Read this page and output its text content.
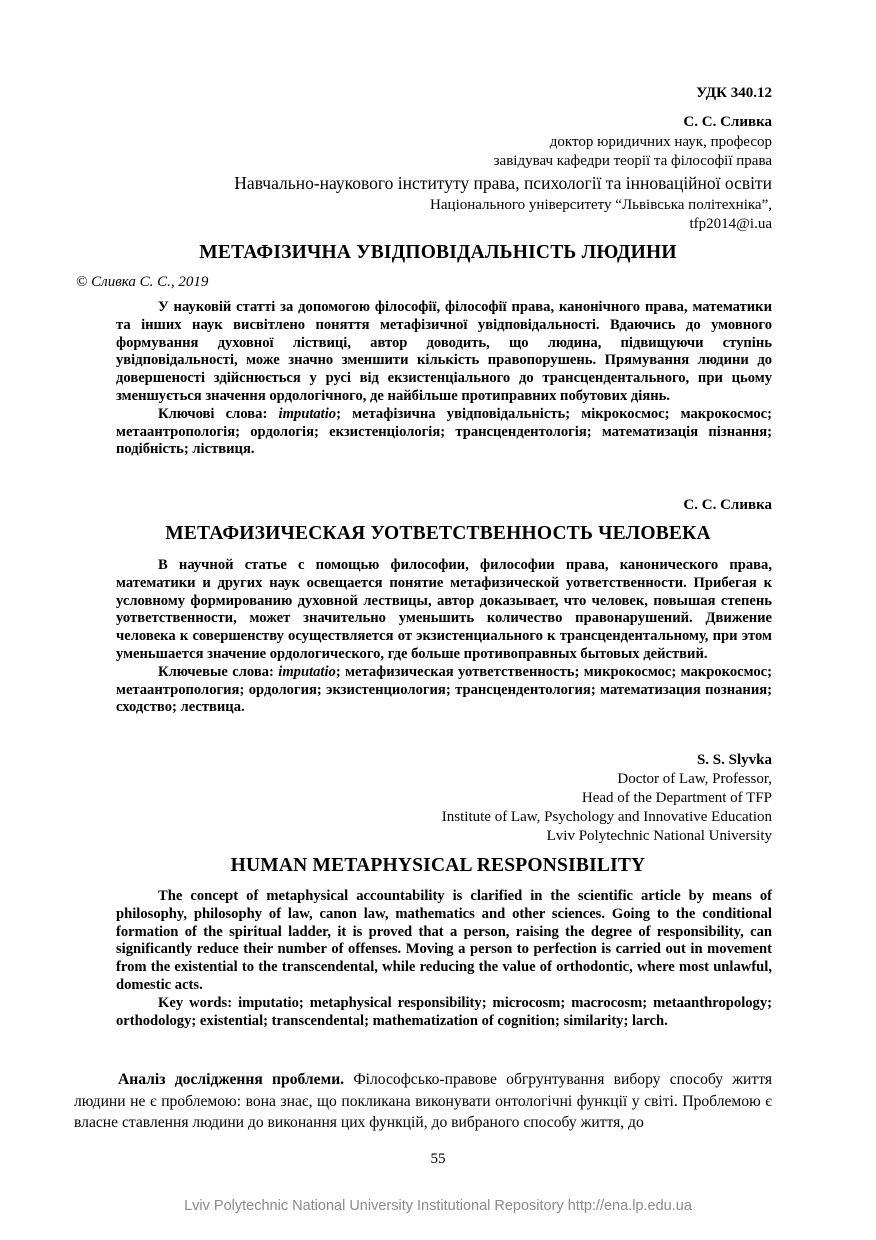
УДК 340.12
С. С. Сливка
доктор юридичних наук, професор
завідувач кафедри теорії та філософії права
Навчально-наукового інституту права, психології та інноваційної освіти
Національного університету “Львівська політехніка”,
tfp2014@i.ua
МЕТАФІЗИЧНА УВІДПОВІДАЛЬНІСТЬ ЛЮДИНИ
© Сливка С. С., 2019

У науковій статті за допомогою філософії, філософії права, канонічного права, математики та інших наук висвітлено поняття метафізичної увідповідальності. Вдаючись до умовного формування духовної ліствиці, автор доводить, що людина, підвищуючи ступінь увідповідальності, може значно зменшити кількість правопорушень. Прямування людини до довершеності здійснюється у русі від екзистенціального до трансцендентального, при цьому зменшується значення ордологічного, де найбільше протиправних побутових діянь.

Ключові слова: imputatio; метафізична увідповідальність; мікрокосмос; макрокосмос; метаантропологія; ордологія; екзистенціологія; трансцендентологія; математизація пізнання; подібність; ліствиця.

С. С. Сливка
МЕТАФИЗИЧЕСКАЯ УОТВЕТСТВЕННОСТЬ ЧЕЛОВЕКА

В научной статье с помощью философии, философии права, канонического права, математики и других наук освещается понятие метафизической уответственности. Прибегая к условному формированию духовной лествицы, автор доказывает, что человек, повышая степень уответственности, может значительно уменьшить количество правонарушений. Движение человека к совершенству осуществляется от экзистенциального к трансцендентальному, при этом уменьшается значение ордологического, где больше противоправных бытовых действий.

Ключевые слова: imputatio; метафизическая уответственность; микрокосмос; макрокосмос; метаантропология; ордология; экзистенциология; трансцендентология; математизация познания; сходство; лествица.

S. S. Slyvka
Doctor of Law, Professor,
Head of the Department of TFP
Institute of Law, Psychology and Innovative Education
Lviv Polytechnic National University
HUMAN METAPHYSICAL RESPONSIBILITY

The concept of metaphysical accountability is clarified in the scientific article by means of philosophy, philosophy of law, canon law, mathematics and other sciences. Going to the conditional formation of the spiritual ladder, it is proved that a person, raising the degree of responsibility, can significantly reduce their number of offenses. Moving a person to perfection is carried out in movement from the existential to the transcendental, while reducing the value of orthodontic, where most unlawful, domestic acts.

Key words: imputatio; metaphysical responsibility; microcosm; macrocosm; metaanthropology; orthodology; existential; transcendental; mathematization of cognition; similarity; larch.

Аналіз дослідження проблеми. Філософсько-правове обгрунтування вибору способу життя людини не є проблемою: вона знає, що покликана виконувати онтологічні функції у світі. Проблемою є власне ставлення людини до виконання цих функцій, до вибраного способу життя, до

55
Lviv Polytechnic National University Institutional Repository http://ena.lp.edu.ua
